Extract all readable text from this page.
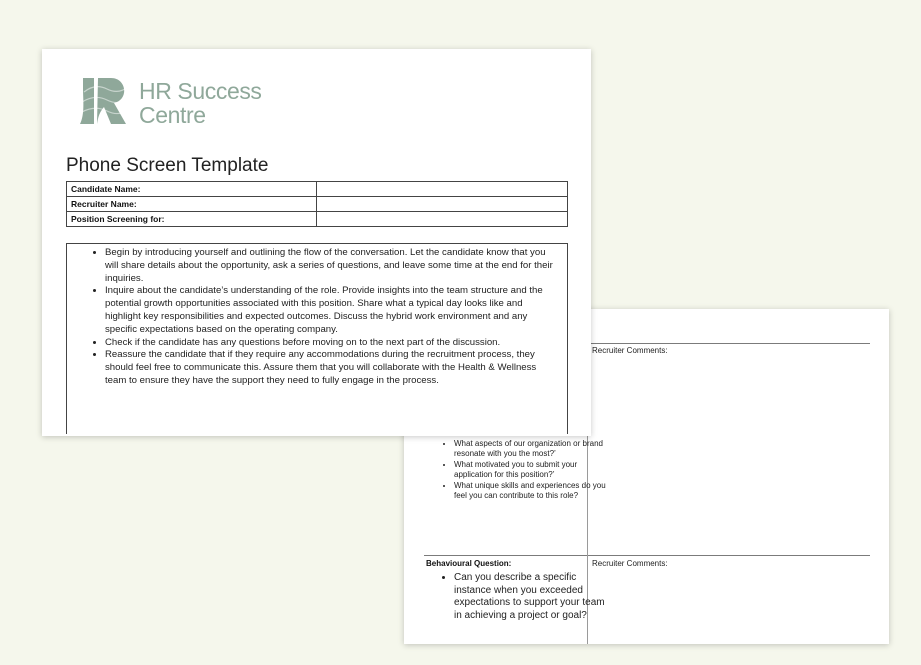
Recruiter Comments:
• What aspects of our organization or brand resonate with you the most?’
• What motivated you to submit your application for this position?’
• What unique skills and experiences do you feel you can contribute to this role?
Behavioural Question:	Recruiter Comments:
• Can you describe a specific instance when you exceeded expectations to support your team in achieving a project or goal?
HR Success
Centre
Phone Screen Template
Candidate Name:	
Recruiter Name:	
Position Screening for:	
• Begin by introducing yourself and outlining the flow of the conversation. Let the candidate know that you will share details about the opportunity, ask a series of questions, and leave some time at the end for their inquiries.
• Inquire about the candidate’s understanding of the role. Provide insights into the team structure and the potential growth opportunities associated with this position. Share what a typical day looks like and highlight key responsibilities and expected outcomes. Discuss the hybrid work environment and any specific expectations based on the operating company.
• Check if the candidate has any questions before moving on to the next part of the discussion.
• Reassure the candidate that if they require any accommodations during the recruitment process, they should feel free to communicate this. Assure them that you will collaborate with the Health & Wellness team to ensure they have the support they need to fully engage in the process.
